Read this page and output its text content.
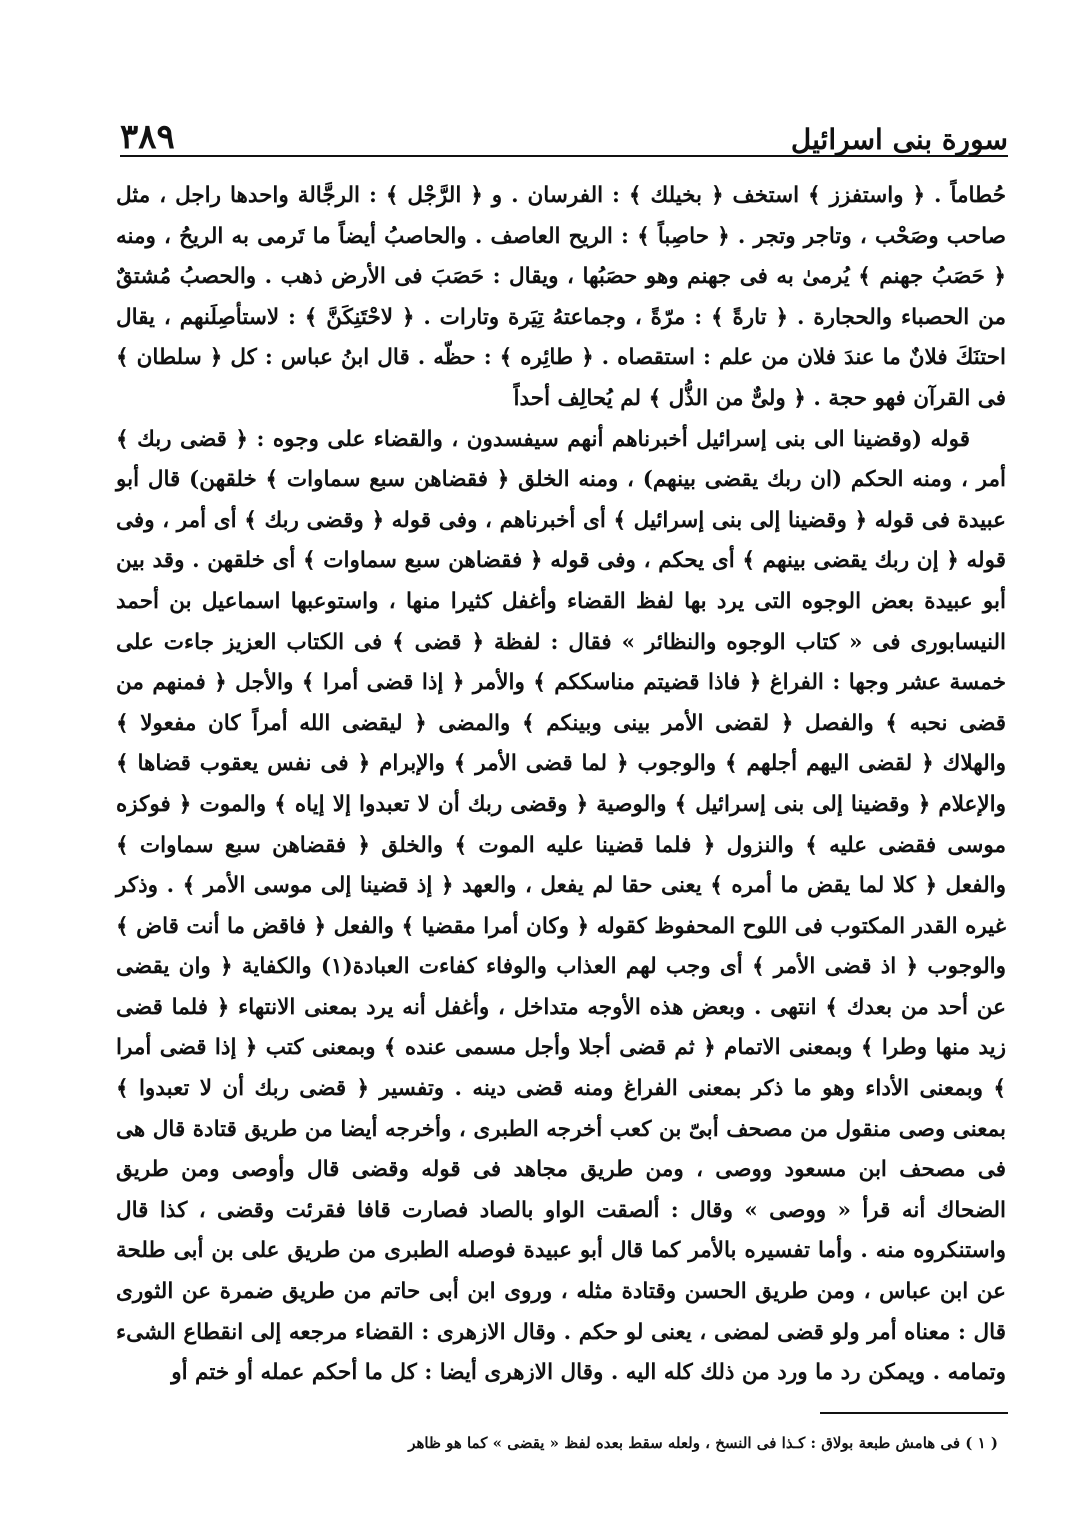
سورة بنى اسرائيل
٣٨٩

حُطاماً . ﴿ واستفزز ﴾ استخف ﴿ بخيلك ﴾ : الفرسان . و ﴿ الرَّجْل ﴾ : الرجَّالة واحدها راجل ، مثل صاحب وصَحْب ، وتاجر وتجر . ﴿ حاصِباً ﴾ : الريح العاصف . والحاصبُ أيضاً ما تَرمى به الريحُ ، ومنه ﴿ حَصَبُ جهنم ﴾ يُرمىٰ به فى جهنم وهو حصَبُها ، ويقال : حَصَبَ فى الأرض ذهب . والحصبُ مُشتقٌ من الحصباء والحجارة . ﴿ تارةً ﴾ : مرّةً ، وجماعتهُ تِيَرة وتارات . ﴿ لاحْتَنِكَنَّ ﴾ : لاستأصِلَنهم ، يقال احتنَكَ فلانٌ ما عندَ فلان من علم : استقصاه . ﴿ طائِره ﴾ : حظّه . قال ابنُ عباس : كل ﴿ سلطان ﴾ فى القرآن فهو حجة . ﴿ ولىٌّ من الذُّل ﴾ لم يُحالِف أحداً

قوله (وقضينا الى بنى إسرائيل أخبرناهم أنهم سيفسدون ، والقضاء على وجوه : ﴿ قضى ربك ﴾ أمر ، ومنه الحكم (ان ربك يقضى بينهم) ، ومنه الخلق ﴿ فقضاهن سبع سماوات ﴾ خلقهن) قال أبو عبيدة فى قوله ﴿ وقضينا إلى بنى إسرائيل ﴾ أى أخبرناهم ، وفى قوله ﴿ وقضى ربك ﴾ أى أمر ، وفى قوله ﴿ إن ربك يقضى بينهم ﴾ أى يحكم ، وفى قوله ﴿ فقضاهن سبع سماوات ﴾ أى خلقهن . وقد بين أبو عبيدة بعض الوجوه التى يرد بها لفظ القضاء وأغفل كثيرا منها ، واستوعبها اسماعيل بن أحمد النيسابورى فى « كتاب الوجوه والنظائر » فقال : لفظة ﴿ قضى ﴾ فى الكتاب العزيز جاءت على خمسة عشر وجها : الفراغ ﴿ فاذا قضيتم مناسككم ﴾ والأمر ﴿ إذا قضى أمرا ﴾ والأجل ﴿ فمنهم من قضى نحبه ﴾ والفصل ﴿ لقضى الأمر بينى وبينكم ﴾ والمضى ﴿ ليقضى الله أمراً كان مفعولا ﴾ والهلاك ﴿ لقضى اليهم أجلهم ﴾ والوجوب ﴿ لما قضى الأمر ﴾ والإبرام ﴿ فى نفس يعقوب قضاها ﴾ والإعلام ﴿ وقضينا إلى بنى إسرائيل ﴾ والوصية ﴿ وقضى ربك أن لا تعبدوا إلا إياه ﴾ والموت ﴿ فوكزه موسى فقضى عليه ﴾ والنزول ﴿ فلما قضينا عليه الموت ﴾ والخلق ﴿ فقضاهن سبع سماوات ﴾ والفعل ﴿ كلا لما يقض ما أمره ﴾ يعنى حقا لم يفعل ، والعهد ﴿ إذ قضينا إلى موسى الأمر ﴾ . وذكر غيره القدر المكتوب فى اللوح المحفوظ كقوله ﴿ وكان أمرا مقضيا ﴾ والفعل ﴿ فاقض ما أنت قاض ﴾ والوجوب ﴿ اذ قضى الأمر ﴾ أى وجب لهم العذاب والوفاء كفاءت العبادة(١) والكفاية ﴿ وان يقضى عن أحد من بعدك ﴾ انتهى . وبعض هذه الأوجه متداخل ، وأغفل أنه يرد بمعنى الانتهاء ﴿ فلما قضى زيد منها وطرا ﴾ وبمعنى الاتمام ﴿ ثم قضى أجلا وأجل مسمى عنده ﴾ وبمعنى كتب ﴿ إذا قضى أمرا ﴾ وبمعنى الأداء وهو ما ذكر بمعنى الفراغ ومنه قضى دينه . وتفسير ﴿ قضى ربك أن لا تعبدوا ﴾ بمعنى وصى منقول من مصحف أبىّ بن كعب أخرجه الطبرى ، وأخرجه أيضا من طريق قتادة قال هى فى مصحف ابن مسعود ووصى ، ومن طريق مجاهد فى قوله وقضى قال وأوصى ومن طريق الضحاك أنه قرأ « ووصى » وقال : ألصقت الواو بالصاد فصارت قافا فقرئت وقضى ، كذا قال واستنكروه منه . وأما تفسيره بالأمر كما قال أبو عبيدة فوصله الطبرى من طريق على بن أبى طلحة عن ابن عباس ، ومن طريق الحسن وقتادة مثله ، وروى ابن أبى حاتم من طريق ضمرة عن الثورى قال : معناه أمر ولو قضى لمضى ، يعنى لو حكم . وقال الازهرى : القضاء مرجعه إلى انقطاع الشىء وتمامه . ويمكن رد ما ورد من ذلك كله اليه . وقال الازهرى أيضا : كل ما أحكم عمله أو ختم أو

( ١ ) فى هامش طبعة بولاق : كـذا فى النسخ ، ولعله سقط بعده لفظ « يقضى » كما هو ظاهر
